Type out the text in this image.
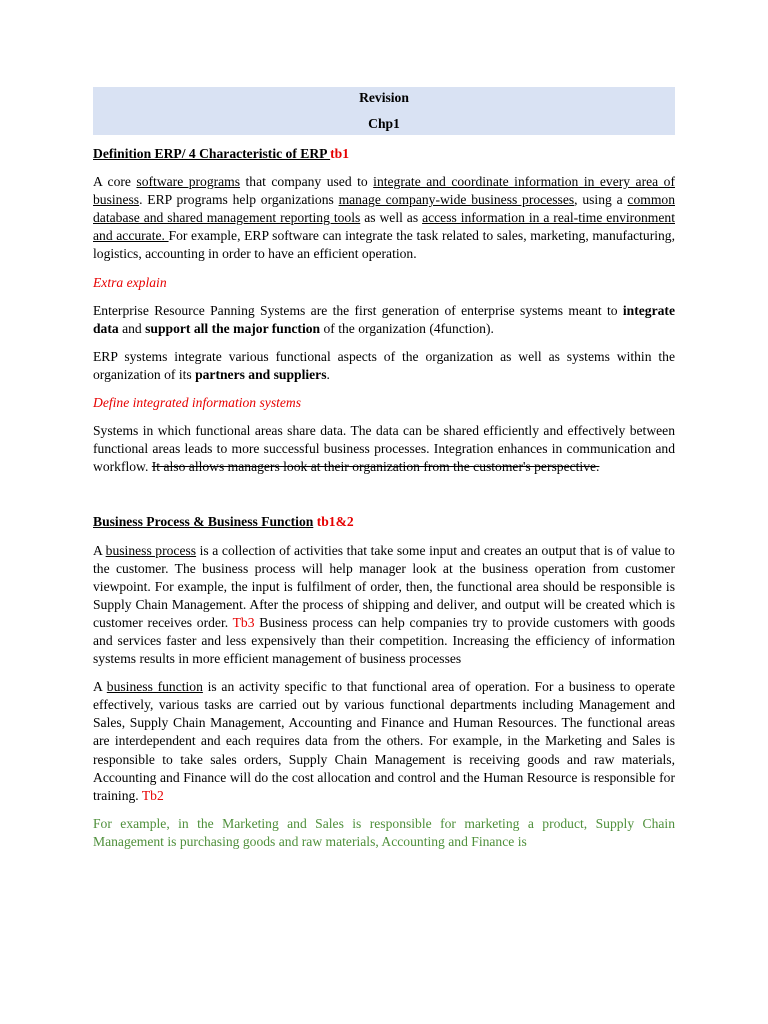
Revision
Chp1
Definition ERP/ 4 Characteristic of ERP tb1

A core software programs that company used to integrate and coordinate information in every area of business. ERP programs help organizations manage company-wide business processes, using a common database and shared management reporting tools as well as access information in a real-time environment and accurate. For example, ERP software can integrate the task related to sales, marketing, manufacturing, logistics, accounting in order to have an efficient operation.

Extra explain

Enterprise Resource Panning Systems are the first generation of enterprise systems meant to integrate data and support all the major function of the organization (4function).

ERP systems integrate various functional aspects of the organization as well as systems within the organization of its partners and suppliers.

Define integrated information systems

Systems in which functional areas share data. The data can be shared efficiently and effectively between functional areas leads to more successful business processes. Integration enhances in communication and workflow. It also allows managers look at their organization from the customer's perspective.

Business Process & Business Function tb1&2

A business process is a collection of activities that take some input and creates an output that is of value to the customer. The business process will help manager look at the business operation from customer viewpoint. For example, the input is fulfilment of order, then, the functional area should be responsible is Supply Chain Management. After the process of shipping and deliver, and output will be created which is customer receives order. Tb3 Business process can help companies try to provide customers with goods and services faster and less expensively than their competition. Increasing the efficiency of information systems results in more efficient management of business processes

A business function is an activity specific to that functional area of operation. For a business to operate effectively, various tasks are carried out by various functional departments including Management and Sales, Supply Chain Management, Accounting and Finance and Human Resources. The functional areas are interdependent and each requires data from the others. For example, in the Marketing and Sales is responsible to take sales orders, Supply Chain Management is receiving goods and raw materials, Accounting and Finance will do the cost allocation and control and the Human Resource is responsible for training. Tb2

For example, in the Marketing and Sales is responsible for marketing a product, Supply Chain Management is purchasing goods and raw materials, Accounting and Finance is
